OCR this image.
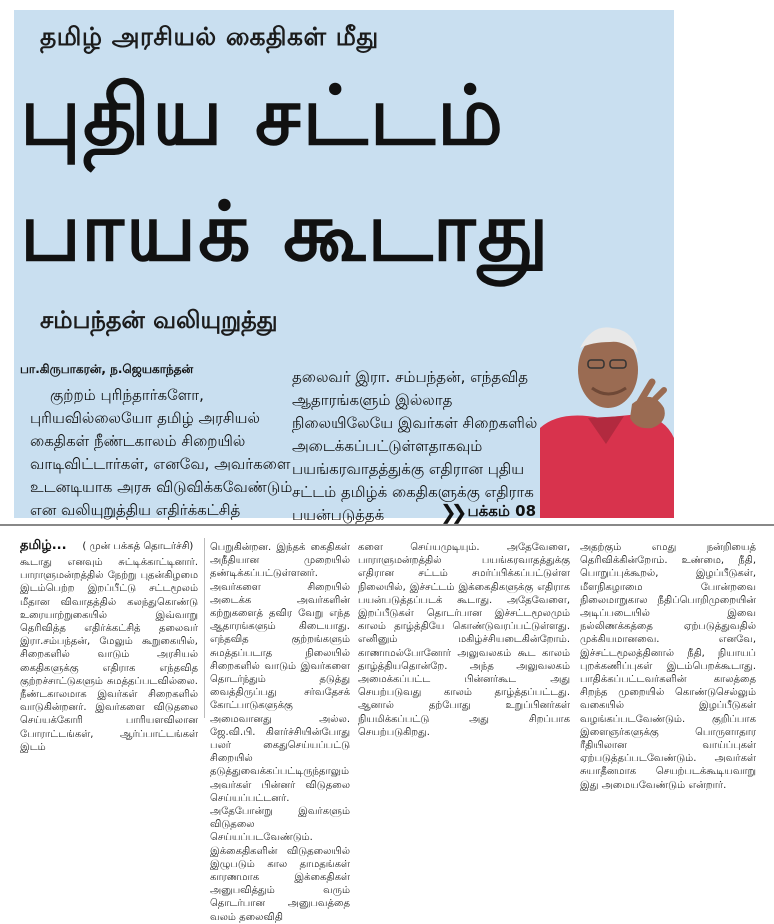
தமிழ் அரசியல் கைதிகள் மீது
புதிய சட்டம்
பாயக் கூடாது
சம்பந்தன் வலியுறுத்து
பா.கிருபாகரன், ந.ஜெயகாந்தன்
குற்றம் புரிந்தார்களோ, புரியவில்லையோ தமிழ் அரசியல் கைதிகள் நீண்டகாலம் சிறையில் வாடிவிட்டார்கள், எனவே, அவர்களை உடனடியாக அரசு விடுவிக்கவேண்டும் என வலியுறுத்திய எதிர்க்கட்சித்
தலைவர் இரா. சம்பந்தன், எந்தவித ஆதாரங்களும் இல்லாத நிலையிலேயே இவர்கள் சிறைகளில் அடைக்கப்பட்டுள்ளதாகவும் பயங்கரவாதத்துக்கு எதிரான புதிய சட்டம் தமிழ்க் கைதிகளுக்கு எதிராக பயன்படுத்தக்	❯❯ பக்கம் 08
தமிழ்... ( முன் பக்கத் தொடர்ச்சி)
கூடாது எனவும் சுட்டிக்காட்டினார். பாராளுமன்றத்தில் நேற்று புதன்கிழமை இடம்பெற்ற இறப்பீட்டு சட்டமூலம் மீதான விவாதத்தில் கலந்துகொண்டு உரையாற்றுகையில் இவ்வாறு தெரிவித்த எதிர்க்கட்சித் தலைவர் இரா.சம்பந்தன், மேலும் கூறுகையில், சிறைகளில் வாடும் அரசியல் கைதிகளுக்கு எதிராக எந்தவித குற்றச்சாட்டுகளும் சுமத்தப்படவில்லை. நீண்டகாலமாக இவர்கள் சிறைகளில் வாடுகின்றனர். இவர்களை விடுதலை செய்யக்கோரி பாரியளவிலான போராட்டங்கள், ஆர்ப்பாட்டங்கள் இடம்
பெறுகின்றன. இந்தக் கைதிகள் அநீதியான முறையில் தண்டிக்கப்பட்டுள்ளனர். அவர்களை சிறையில் அடைக்க அவர்களின் கற்றுகளைத் தவிர வேறு எந்த ஆதாரங்களும் கிடையாது. எந்தவித குற்றங்களும் சுமத்தப்படாத நிலையில் சிறைகளில் வாடும் இவர்களை தொடர்ந்தும் தடுத்து வைத்திருப்பது சர்வதேசக் கோட்பாடுகளுக்கு அமைவானது அல்ல. ஜே.வி.பி. கிளர்ச்சியின்போது பலர் கைதுசெய்யப்பட்டு சிறையில் தடுத்துவைக்கப்பட்டிருந்தாலும் அவர்கள் பின்னர் விடுதலை செய்யப்பட்டனர். அதேபோன்று இவர்களும் விடுதலை செய்யப்படவேண்டும். இக்கைதிகளின் விடுதலையில் இழுபடும் கால தாமதங்கள் காரணமாக இக்கைதிகள் அனுபவித்தும் வரும் தொடர்பான அனுபவத்தை வலம் தலைவிதி
களை செய்யமுடியும். அதேவேளை, பாராளுமன்றத்தில் பயங்கரவாதத்துக்கு எதிரான சட்டம் சமர்ப்பிக்கப்பட்டுள்ள நிலையில், இச்சட்டம் இக்கைதிகளுக்கு எதிராக பயன்படுத்தப்படக் கூடாது. அதேவேளை, இறப்பீடுகள் தொடர்பான இச்சட்டமூலமும் காலம் தாழ்த்தியே கொண்டுவரப்பட்டுள்ளது. எனினும் மகிழ்ச்சியடைகின்றோம். காணாமல்போனோர் அலுவலகம் கூட காலம் தாழ்த்தியதொன்றே. அந்த அலுவலகம் அமைக்கப்பட்ட பின்னர்கூட அது செயற்படுவது காலம் தாழ்த்தப்பட்டது. ஆனால் தற்போது உறுப்பினர்கள் நியமிக்கப்பட்டு அது சிறப்பாக செயற்படுகிறது.
அதற்கும் எமது நன்றியைத் தெரிவிக்கின்றோம். உண்மை, நீதி, பொறுப்புக்கூறல், இழப்பீடுகள், மீளநிகழாமை போன்றவை நிலைமாறுகால நீதிப்பொறிமுறையின் அடிப்படையில் இவை நல்லிணக்கத்தை ஏற்படுத்துவதில் முக்கியமானவை. எனவே, இச்சட்டமூலத்தினால் நீதி, நியாயப் புறக்கணிப்புகள் இடம்பெறக்கூடாது. பாதிக்கப்பட்டவர்களின் காலத்தை சிறந்த முறையில் கொண்டுசெல்லும் வகையில் இழப்பீடுகள் வழங்கப்படவேண்டும். குறிப்பாக இளைஞர்களுக்கு பொருளாதார ரீதியிலான வாய்ப்புகள் ஏற்படுத்தப்படவேண்டும். அவர்கள் சுயாதீனமாக செயற்படக்கூடியவாறு இது அமையவேண்டும் என்றார்.
